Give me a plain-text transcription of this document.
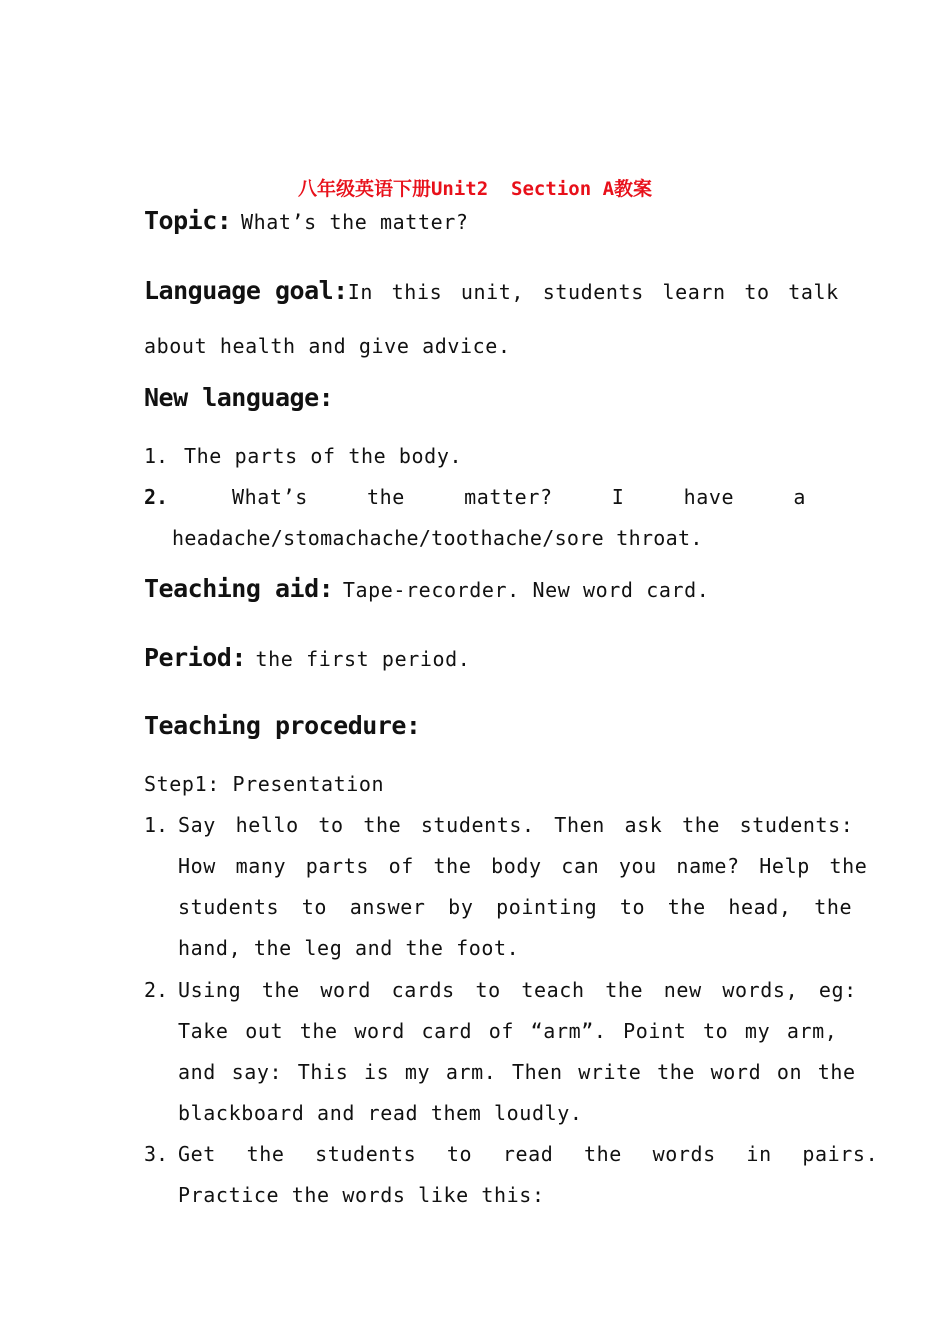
八年级英语下册Unit2  Section A教案
Topic: What’s the matter?
Language goal: In this unit, students learn to talk
about health and give advice.
New language:
1. The parts of the body.
2.	What’s	the	matter?	I	have	a
headache/stomachache/toothache/sore throat.
Teaching aid: Tape-recorder. New word card.
Period: the first period.
Teaching procedure:
Step1: Presentation
1. Say hello to the students. Then ask the students:
How many parts of the body can you name? Help the
students to answer by pointing to the head, the
hand, the leg and the foot.
2. Using the word cards to teach the new words, eg:
Take out the word card of “arm”. Point to my arm,
and say: This is my arm. Then write the word on the
blackboard and read them loudly.
3. Get the students to read the words in pairs.
Practice the words like this:
